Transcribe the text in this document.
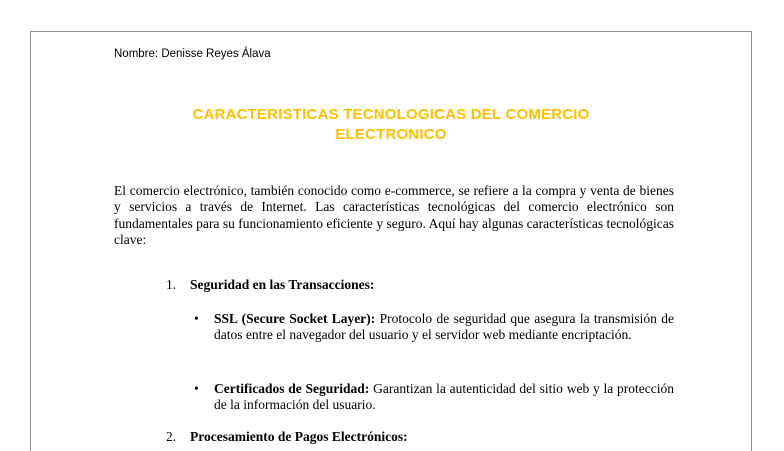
Nombre: Denisse Reyes Álava
CARACTERISTICAS TECNOLOGICAS DEL COMERCIO
ELECTRONICO
El comercio electrónico, también conocido como e-commerce, se refiere a la compra y venta de bienes y servicios a través de Internet. Las características tecnológicas del comercio electrónico son fundamentales para su funcionamiento eficiente y seguro. Aquí hay algunas características tecnológicas clave:
1. Seguridad en las Transacciones:
• SSL (Secure Socket Layer): Protocolo de seguridad que asegura la transmisión de datos entre el navegador del usuario y el servidor web mediante encriptación.
• Certificados de Seguridad: Garantizan la autenticidad del sitio web y la protección de la información del usuario.
2. Procesamiento de Pagos Electrónicos:
